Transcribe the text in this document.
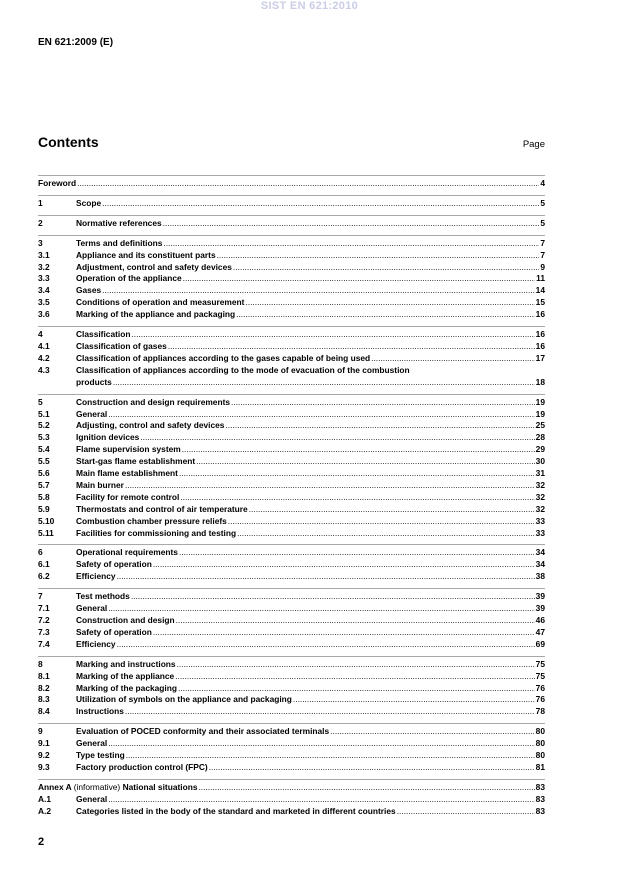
SIST EN 621:2010
EN 621:2009 (E)
Contents	Page
Foreword .....	4
1	Scope .....	5
2	Normative references .....	5
3	Terms and definitions .....	7
3.1	Appliance and its constituent parts .....	7
3.2	Adjustment, control and safety devices .....	9
3.3	Operation of the appliance .....	11
3.4	Gases .....	14
3.5	Conditions of operation and measurement .....	15
3.6	Marking of the appliance and packaging .....	16
4	Classification .....	16
4.1	Classification of gases .....	16
4.2	Classification of appliances according to the gases capable of being used .....	17
4.3	Classification of appliances according to the mode of evacuation of the combustion
products .....	18
5	Construction and design requirements .....	19
5.1	General .....	19
5.2	Adjusting, control and safety devices .....	25
5.3	Ignition devices .....	28
5.4	Flame supervision system .....	29
5.5	Start-gas flame establishment .....	30
5.6	Main flame establishment .....	31
5.7	Main burner .....	32
5.8	Facility for remote control .....	32
5.9	Thermostats and control of air temperature .....	32
5.10	Combustion chamber pressure reliefs .....	33
5.11	Facilities for commissioning and testing .....	33
6	Operational requirements .....	34
6.1	Safety of operation .....	34
6.2	Efficiency .....	38
7	Test methods .....	39
7.1	General .....	39
7.2	Construction and design .....	46
7.3	Safety of operation .....	47
7.4	Efficiency .....	69
8	Marking and instructions .....	75
8.1	Marking of the appliance .....	75
8.2	Marking of the packaging .....	76
8.3	Utilization of symbols on the appliance and packaging .....	76
8.4	Instructions .....	78
9	Evaluation of POCED conformity and their associated terminals .....	80
9.1	General .....	80
9.2	Type testing .....	80
9.3	Factory production control (FPC) .....	81
Annex A (informative) National situations .....	83
A.1	General .....	83
A.2	Categories listed in the body of the standard and marketed in different countries .....	83
2
